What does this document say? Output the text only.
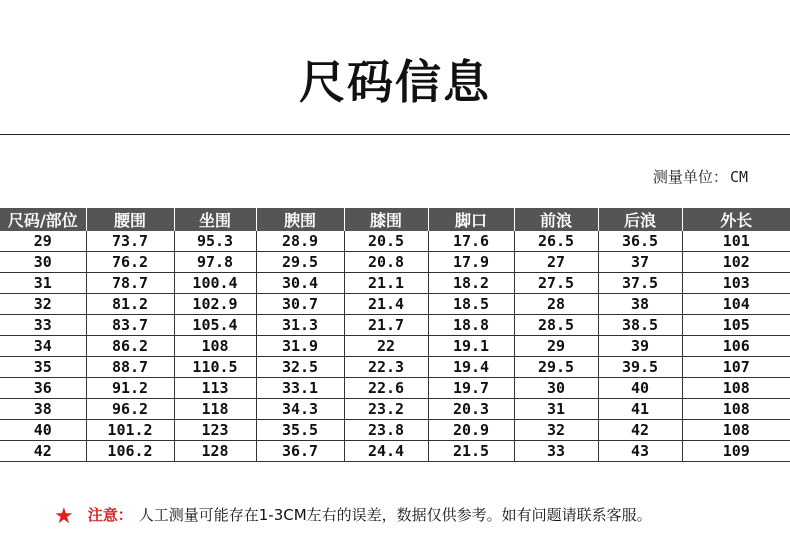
尺码信息
测量单位： CM
尺码/部位	腰围	坐围	腴围	膝围	脚口	前浪	后浪	外长
29	73.7	95.3	28.9	20.5	17.6	26.5	36.5	101
30	76.2	97.8	29.5	20.8	17.9	27	37	102
31	78.7	100.4	30.4	21.1	18.2	27.5	37.5	103
32	81.2	102.9	30.7	21.4	18.5	28	38	104
33	83.7	105.4	31.3	21.7	18.8	28.5	38.5	105
34	86.2	108	31.9	22	19.1	29	39	106
35	88.7	110.5	32.5	22.3	19.4	29.5	39.5	107
36	91.2	113	33.1	22.6	19.7	30	40	108
38	96.2	118	34.3	23.2	20.3	31	41	108
40	101.2	123	35.5	23.8	20.9	32	42	108
42	106.2	128	36.7	24.4	21.5	33	43	109
★ 注意： 人工测量可能存在1-3CM左右的误差，数据仅供参考。如有问题请联系客服。
